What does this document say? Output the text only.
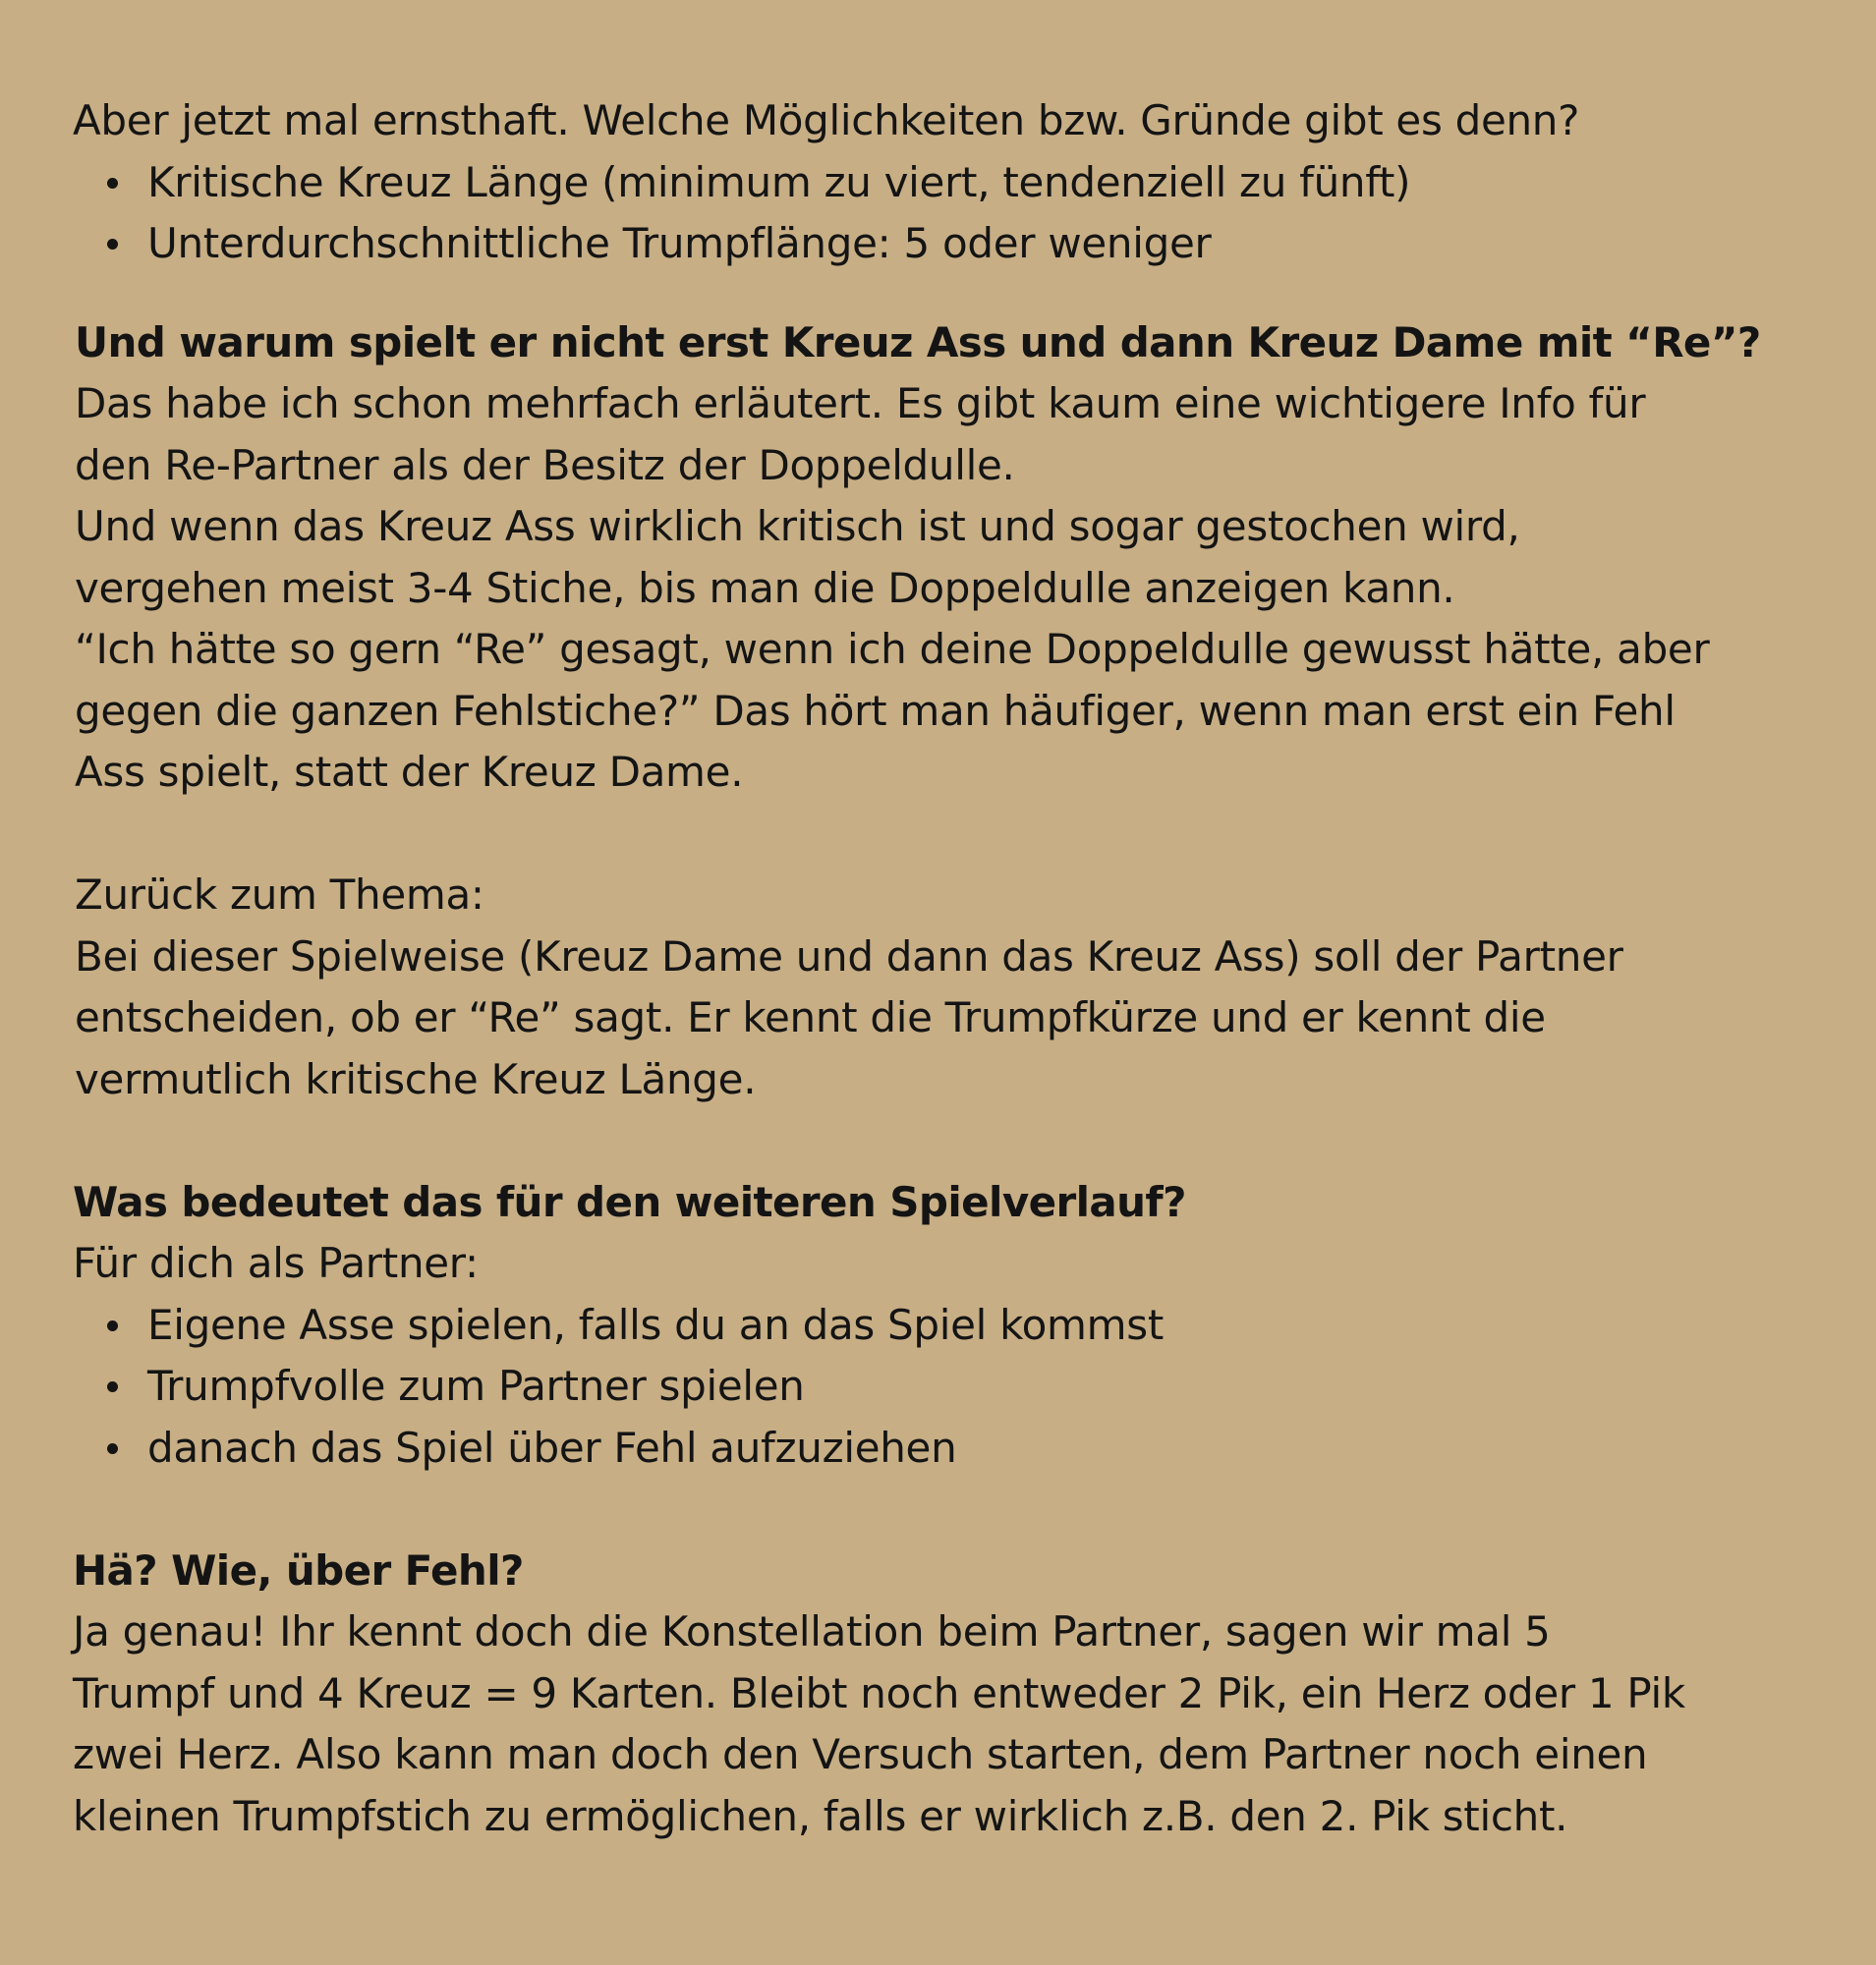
Aber jetzt mal ernsthaft. Welche Möglichkeiten bzw. Gründe gibt es denn?

Kritische Kreuz Länge (minimum zu viert, tendenziell zu fünft)
Unterdurchschnittliche Trumpflänge: 5 oder weniger

Und warum spielt er nicht erst Kreuz Ass und dann Kreuz Dame mit “Re”?

Das habe ich schon mehrfach erläutert. Es gibt kaum eine wichtigere Info für

den Re-Partner als der Besitz der Doppeldulle.

Und wenn das Kreuz Ass wirklich kritisch ist und sogar gestochen wird,

vergehen meist 3-4 Stiche, bis man die Doppeldulle anzeigen kann.

“Ich hätte so gern “Re” gesagt, wenn ich deine Doppeldulle gewusst hätte, aber

gegen die ganzen Fehlstiche?” Das hört man häufiger, wenn man erst ein Fehl

Ass spielt, statt der Kreuz Dame.

Zurück zum Thema:

Bei dieser Spielweise (Kreuz Dame und dann das Kreuz Ass) soll der Partner

entscheiden, ob er “Re” sagt. Er kennt die Trumpfkürze und er kennt die

vermutlich kritische Kreuz Länge.

Was bedeutet das für den weiteren Spielverlauf?

Für dich als Partner:

Eigene Asse spielen, falls du an das Spiel kommst
Trumpfvolle zum Partner spielen
danach das Spiel über Fehl aufzuziehen

Hä? Wie, über Fehl?

Ja genau! Ihr kennt doch die Konstellation beim Partner, sagen wir mal 5

Trumpf und 4 Kreuz = 9 Karten. Bleibt noch entweder 2 Pik, ein Herz oder 1 Pik

zwei Herz. Also kann man doch den Versuch starten, dem Partner noch einen

kleinen Trumpfstich zu ermöglichen, falls er wirklich z.B. den 2. Pik sticht.
